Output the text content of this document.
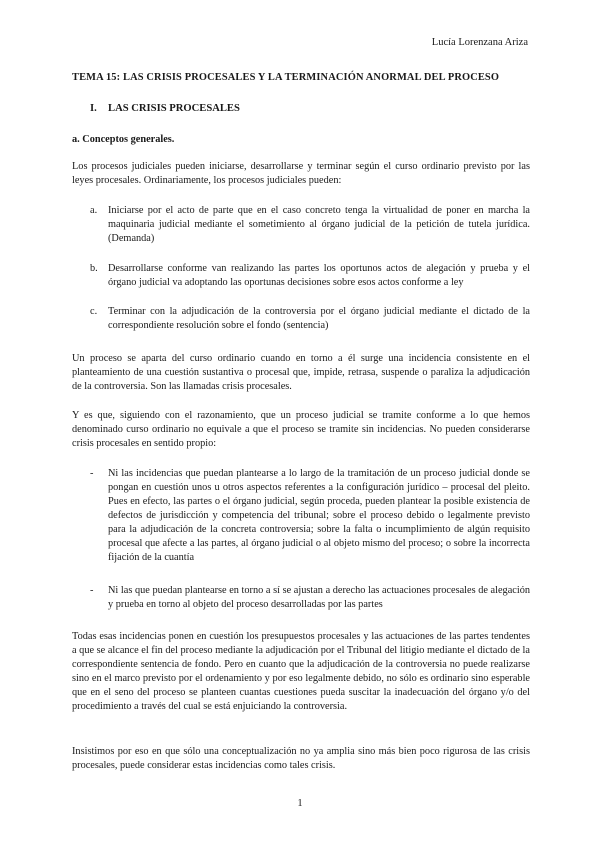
Lucía Lorenzana Ariza
TEMA 15: LAS CRISIS PROCESALES Y LA TERMINACIÓN ANORMAL DEL PROCESO
I. LAS CRISIS PROCESALES
a. Conceptos generales.
Los procesos judiciales pueden iniciarse, desarrollarse y terminar según el curso ordinario previsto por las leyes procesales. Ordinariamente, los procesos judiciales pueden:
a.	Iniciarse por el acto de parte que en el caso concreto tenga la virtualidad de poner en marcha la maquinaria judicial mediante el sometimiento al órgano judicial de la petición de tutela jurídica. (Demanda)
b. Desarrollarse conforme van realizando las partes los oportunos actos de alegación y prueba y el órgano judicial va adoptando las oportunas decisiones sobre esos actos conforme a ley
c.	Terminar con la adjudicación de la controversia por el órgano judicial mediante el dictado de la correspondiente resolución sobre el fondo (sentencia)
Un proceso se aparta del curso ordinario cuando en torno a él surge una incidencia consistente en el planteamiento de una cuestión sustantiva o procesal que, impide, retrasa, suspende o paraliza la adjudicación de la controversia. Son las llamadas crisis procesales.
Y es que, siguiendo con el razonamiento, que un proceso judicial se tramite conforme a lo que hemos denominado curso ordinario no equivale a que el proceso se tramite sin incidencias. No pueden considerarse crisis procesales en sentido propio:
-	Ni las incidencias que puedan plantearse a lo largo de la tramitación de un proceso judicial donde se pongan en cuestión unos u otros aspectos referentes a la configuración jurídico – procesal del pleito. Pues en efecto, las partes o el órgano judicial, según proceda, pueden plantear la posible existencia de defectos de jurisdicción y competencia del tribunal; sobre el proceso debido o legalmente previsto para la adjudicación de la concreta controversia; sobre la falta o incumplimiento de algún requisito procesal que afecte a las partes, al órgano judicial o al objeto mismo del proceso; o sobre la incorrecta fijación de la cuantía
-	Ni las que puedan plantearse en torno a sí se ajustan a derecho las actuaciones procesales de alegación y prueba en torno al objeto del proceso desarrolladas por las partes
Todas esas incidencias ponen en cuestión los presupuestos procesales y las actuaciones de las partes tendentes a que se alcance el fin del proceso mediante la adjudicación por el Tribunal del litigio mediante el dictado de la correspondiente sentencia de fondo. Pero en cuanto que la adjudicación de la controversia no puede realizarse sino en el marco previsto por el ordenamiento y por eso legalmente debido, no sólo es ordinario sino esperable que en el seno del proceso se planteen cuantas cuestiones pueda suscitar la inadecuación del órgano y/o del procedimiento a través del cual se está enjuiciando la controversia.
Insistimos por eso en que sólo una conceptualización no ya amplia sino más bien poco rigurosa de las crisis procesales, puede considerar estas incidencias como tales crisis.
1
